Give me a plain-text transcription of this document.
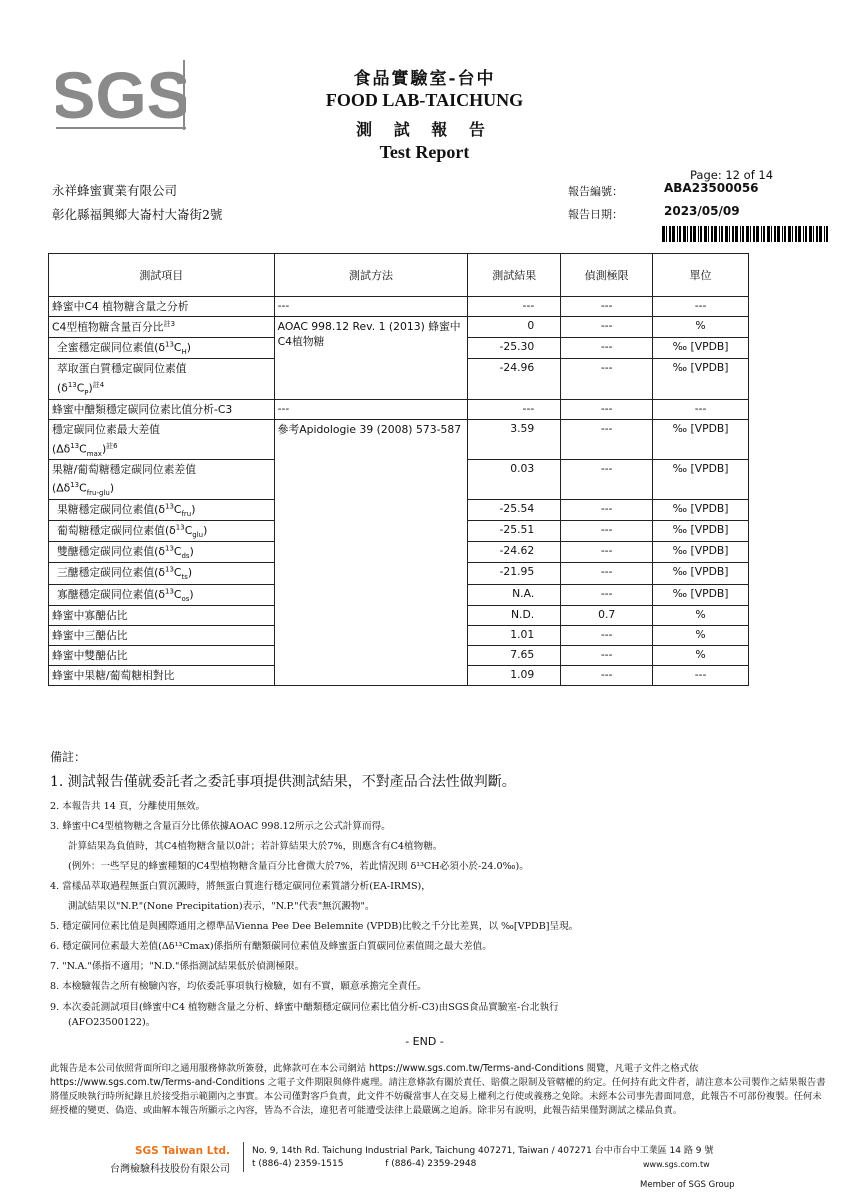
SGS	食品實驗室-台中
FOOD LAB-TAICHUNG
測 試 報 告
Test Report
Page: 12 of 14
永祥蜂蜜實業有限公司
彰化縣福興鄉大崙村大崙街2號
報告編號：	ABA23500056
報告日期：	2023/05/09
測試項目	測試方法	測試結果	偵測極限	單位
蜂蜜中C4 植物糖含量之分析	---	---	---	---
C4型植物糖含量百分比$^{註3}$	AOAC 998.12 Rev. 1 (2013) 蜂蜜中C4植物糖	0	---	%
全蜜穩定碳同位素值$(\delta^{13}C_H)$		-25.30	---	‰ [VPDB]
萃取蛋白質穩定碳同位素值
$(\delta^{13}C_P)^{註4}$		-24.96	---	‰ [VPDB]
蜂蜜中醣類穩定碳同位素比值分析-C3	---	---	---	---
穩定碳同位素最大差值
$(\Delta\delta^{13}C_{max})^{註6}$	參考Apidologie 39 (2008) 573-587	3.59	---	‰ [VPDB]
果糖/葡萄糖穩定碳同位素差值
$(\Delta\delta^{13}C_{fru-glu})$		0.03	---	‰ [VPDB]
果糖穩定碳同位素值$(\delta^{13}C_{fru})$		-25.54	---	‰ [VPDB]
葡萄糖穩定碳同位素值$(\delta^{13}C_{glu})$		-25.51	---	‰ [VPDB]
雙醣穩定碳同位素值$(\delta^{13}C_{ds})$		-24.62	---	‰ [VPDB]
三醣穩定碳同位素值$(\delta^{13}C_{ts})$		-21.95	---	‰ [VPDB]
寡醣穩定碳同位素值$(\delta^{13}C_{os})$		N.A.	---	‰ [VPDB]
蜂蜜中寡醣佔比		N.D.	0.7	%
蜂蜜中三醣佔比		1.01	---	%
蜂蜜中雙醣佔比		7.65	---	%
蜂蜜中果糖/葡萄糖相對比		1.09	---	---
備註：
1. 測試報告僅就委託者之委託事項提供測試結果，不對產品合法性做判斷。
2. 本報告共 14 頁，分離使用無效。
3. 蜂蜜中C4型植物糖之含量百分比係依據AOAC 998.12所示之公式計算而得。
計算結果為負值時，其C4植物糖含量以0計；若計算結果大於7%，則應含有C4植物糖。
(例外：一些罕見的蜂蜜種類的C4型植物糖含量百分比會微大於7%，若此情況則 δ¹³CH必須小於-24.0‰)。
4. 當樣品萃取過程無蛋白質沉澱時，將無蛋白質進行穩定碳同位素質譜分析(EA-IRMS)，
測試結果以"N.P."(None Precipitation)表示，"N.P."代表"無沉澱物"。
5. 穩定碳同位素比值是與國際通用之標準品Vienna Pee Dee Belemnite (VPDB)比較之千分比差異，以 ‰[VPDB]呈現。
6. 穩定碳同位素最大差值(Δδ¹³Cmax)係指所有醣類碳同位素值及蜂蜜蛋白質碳同位素值間之最大差值。
7. "N.A."係指不適用；"N.D."係指測試結果低於偵測極限。
8. 本檢驗報告之所有檢驗內容，均依委託事項執行檢驗，如有不實，願意承擔完全責任。
9. 本次委託測試項目(蜂蜜中C4 植物糖含量之分析、蜂蜜中醣類穩定碳同位素比值分析-C3)由SGS食品實驗室-台北執行
(AFO23500122)。
- END -
此報告是本公司依照背面所印之通用服務條款所簽發，此條款可在本公司網站 https://www.sgs.com.tw/Terms-and-Conditions 閱覽，凡電子文件之格式依https://www.sgs.com.tw/Terms-and-Conditions 之電子文件期限與條件處理。請注意條款有關於責任、賠償之限制及管轄權的約定。任何持有此文件者，請注意本公司製作之結果報告書將僅反映執行時所紀錄且於接受指示範圍內之事實。本公司僅對客戶負責，此文件不妨礙當事人在交易上權利之行使或義務之免除。未經本公司事先書面同意，此報告不可部份複製。任何未經授權的變更、偽造、或曲解本報告所顯示之內容，皆為不合法，違犯者可能遭受法律上最嚴厲之追訴。除非另有說明，此報告結果僅對測試之樣品負責。
SGS Taiwan Ltd.
台灣檢驗科技股份有限公司
No. 9, 14th Rd. Taichung Industrial Park, Taichung 407271, Taiwan / 407271 台中市台中工業區 14 路 9 號
t (886-4) 2359-1515	f (886-4) 2359-2948	www.sgs.com.tw
Member of SGS Group
